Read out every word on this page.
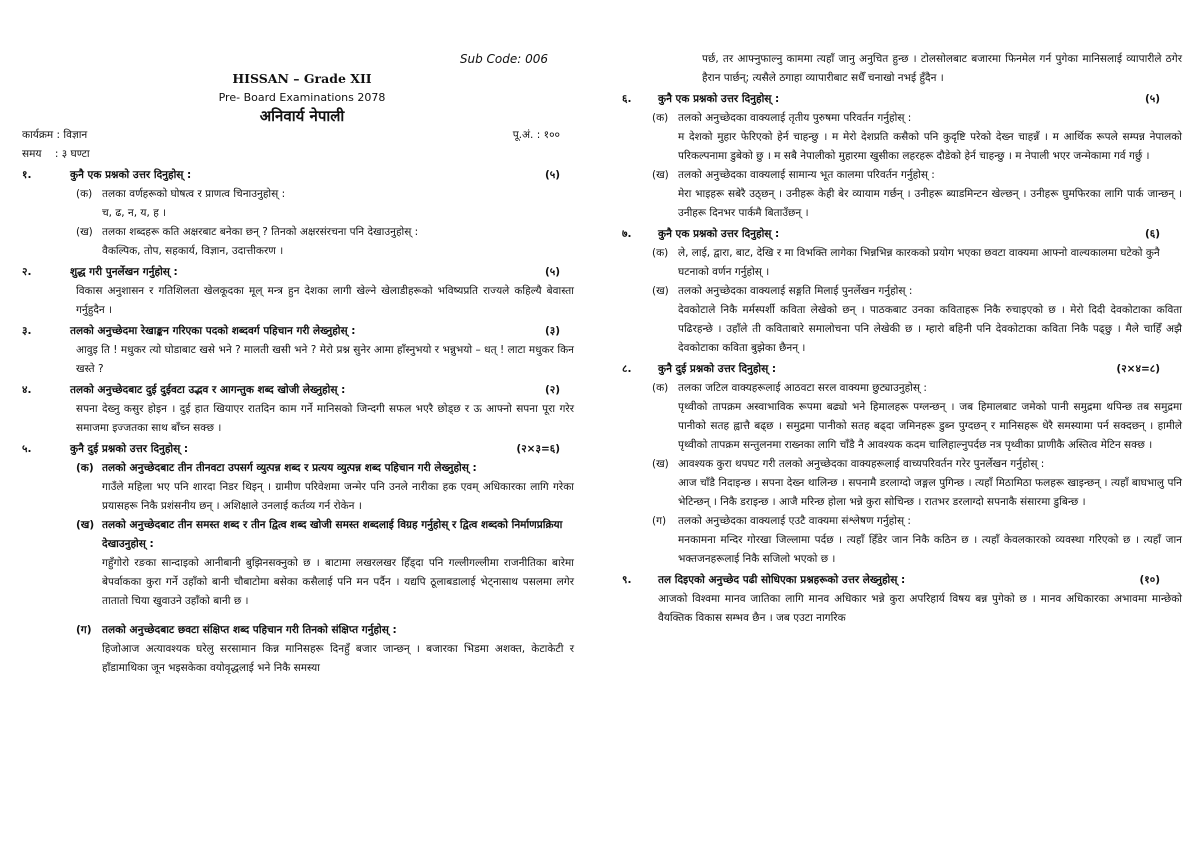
Sub Code: 006
HISSAN – Grade XII
Pre- Board Examinations 2078
अनिवार्य नेपाली
कार्यक्रम : विज्ञान	पू.अं. : १००
समय    : ३ घण्टा
१.	कुनै एक प्रश्नको उत्तर दिनुहोस् :	(५)
(क) तलका वर्णहरूको घोषत्व र प्राणत्व चिनाउनुहोस् :
च, ढ, न, य, ह ।
(ख) तलका शब्दहरू कति अक्षरबाट बनेका छन् ? तिनको अक्षरसंरचना पनि देखाउनुहोस् :
वैकल्पिक, तोप, सहकार्य, विज्ञान, उदात्तीकरण ।
२.	शुद्ध गरी पुनर्लेखन गर्नुहोस् :	(५)
विकास अनुशासन र गतिशिलता खेलकूदका मूल् मन्त्र हुन देशका लागी खेल्ने खेलाडीहरूको भविष्यप्रति राज्यले कहिल्यै बेवास्ता गर्नुहुदैन ।
३.	तलको अनुच्छेदमा रेखाङ्कन गरिएका पदको शब्दवर्ग पहिचान गरी लेख्नुहोस् :	(३)
आवुइ ति ! मधुकर त्यो घोडाबाट खसे भने ? मालती खसी भने ? मेरो प्रश्न सुनेर आमा हाँस्नुभयो र भन्नुभयो – धत् ! लाटा मधुकर किन खस्ते ?
४.	तलको अनुच्छेदबाट दुई दुईवटा उद्भव र आगन्तुक शब्द खोजी लेख्नुहोस् :	(२)
सपना देख्नु कसुर होइन । दुई हात खियाएर रातदिन काम गर्ने मानिसको जिन्दगी सफल भएरै छोड्छ र ऊ आफ्नो सपना पूरा गरेर समाजमा इज्जतका साथ बाँच्न सक्छ ।
५.	कुनै दुई प्रश्नको उत्तर दिनुहोस् :	(२×३=६)
(क) तलको अनुच्छेदबाट तीन तीनवटा उपसर्ग व्युत्पन्न शब्द र प्रत्यय व्युत्पन्न शब्द पहिचान गरी लेख्नुहोस् :
गाउँले महिला भए पनि शारदा निडर थिइन् । ग्रामीण परिवेशमा जन्मेर पनि उनले नारीका हक एवम् अधिकारका लागि गरेका प्रयासहरू निकै प्रशंसनीय छन् । अशिक्षाले उनलाई कर्तव्य गर्न रोकेन ।
(ख) तलको अनुच्छेदबाट तीन समस्त शब्द र तीन द्वित्व शब्द खोजी समस्त शब्दलाई विग्रह गर्नुहोस् र द्वित्व शब्दको निर्माणप्रक्रिया देखाउनुहोस् :
गहुँगोरो रङका सान्दाइको आनीबानी बुझिनसक्नुको छ । बाटामा लखरलखर हिँड्दा पनि गल्लीगल्लीमा राजनीतिका बारेमा बेपर्वाकका कुरा गर्ने उहाँको बानी चौबाटोमा बसेका कसैलाई पनि मन पर्दैन । यद्यपि ठूलाबडालाई भेट्नासाथ पसलमा लगेर तातातो चिया खुवाउने उहाँको बानी छ ।
(ग) तलको अनुच्छेदबाट छवटा संक्षिप्त शब्द पहिचान गरी तिनको संक्षिप्त गर्नुहोस् :
हिजोआज अत्यावश्यक घरेलु सरसामान किन्न मानिसहरू दिनहुँ बजार जान्छन् । बजारका भिडमा अशक्त, केटाकेटी र हाँडामाथिका जून भइसकेका वयोवृद्धलाई भने निकै समस्या
पर्छ, तर आफ्नुफाल्नु काममा त्यहाँ जानु अनुचित हुन्छ । टोलसोलबाट बजारमा फिनमेल गर्न पुगेका मानिसलाई व्यापारीले ठगेर हैरान पार्छन्; त्यसैले ठगाहा व्यापारीबाट सधैँ चनाखो नभई हुँदैन ।
६.	कुनै एक प्रश्नको उत्तर दिनुहोस् :	(५)
(क) तलको अनुच्छेदका वाक्यलाई तृतीय पुरुषमा परिवर्तन गर्नुहोस् :
म देशको मुहार फेरिएको हेर्न चाहन्छु । म मेरो देशप्रति कसैको पनि कुदृष्टि परेको देख्न चाहन्नँ । म आर्थिक रूपले सम्पन्न नेपालको परिकल्पनामा डुबेको छु । म सबै नेपालीको मुहारमा खुसीका लहरहरू दौडेको हेर्न चाहन्छु । म नेपाली भएर जन्मेकामा गर्व गर्छु ।
(ख) तलको अनुच्छेदका वाक्यलाई सामान्य भूत कालमा परिवर्तन गर्नुहोस् :
मेरा भाइहरू सबेरै उठ्छन् । उनीहरू केही बेर व्यायाम गर्छन् । उनीहरू ब्याडमिन्टन खेल्छन् । उनीहरू घुमफिरका लागि पार्क जान्छन् । उनीहरू दिनभर पार्कमै बिताउँछन् ।
७.	कुनै एक प्रश्नको उत्तर दिनुहोस् :	(६)
(क) ले, लाई, द्वारा, बाट, देखि र मा विभक्ति लागेका भिन्नभिन्न कारकको प्रयोग भएका छवटा वाक्यमा आफ्नो वाल्यकालमा घटेको कुनै घटनाको वर्णन गर्नुहोस् ।
(ख) तलको अनुच्छेदका वाक्यलाई सङ्गति मिलाई पुनर्लेखन गर्नुहोस् :
देवकोटाले निकै मर्मस्पर्शी कविता लेखेको छन् । पाठकबाट उनका कविताहरू निकै रुचाइएको छ । मेरो दिदी देवकोटाका कविता पढिरहन्छे । उहाँले ती कविताबारे समालोचना पनि लेखेकी छ । म्हारो बहिनी पनि देवकोटाका कविता निकै पढ्छु । मैले चाहिँ अझै देवकोटाका कविता बुझेका छैनन् ।
८.	कुनै दुई प्रश्नको उत्तर दिनुहोस् :	(२×४=८)
(क) तलका जटिल वाक्यहरूलाई आठवटा सरल वाक्यमा छुट्याउनुहोस् :
पृथ्वीको तापक्रम अस्वाभाविक रूपमा बढ्यो भने हिमालहरू पग्लन्छन् । जब हिमालबाट जमेको पानी समुद्रमा थपिन्छ तब समुद्रमा पानीको सतह ह्वात्तै बढ्छ । समुद्रमा पानीको सतह बढ्दा जमिनहरू डुब्न पुग्दछन् र मानिसहरू धेरै समस्यामा पर्न सक्दछन् । हामीले पृथ्वीको तापक्रम सन्तुलनमा राख्नका लागि चाँडै नै आवश्यक कदम चालिहाल्नुपर्दछ नत्र पृथ्वीका प्राणीकै अस्तित्व मेटिन सक्छ ।
(ख) आवश्यक कुरा थपघट गरी तलको अनुच्छेदका वाक्यहरूलाई वाच्यपरिवर्तन गरेर पुनर्लेखन गर्नुहोस् :
आज चाँडै निदाइन्छ । सपना देख्न थालिन्छ । सपनामै डरलाग्दो जङ्गल पुगिन्छ । त्यहाँ मिठामिठा फलहरू खाइन्छन् । त्यहाँ बाघभालु पनि भेटिन्छन् । निकै डराइन्छ । आजै मरिन्छ होला भन्ने कुरा सोचिन्छ । रातभर डरलाग्दो सपनाकै संसारमा डुबिन्छ ।
(ग)	तलको अनुच्छेदका वाक्यलाई एउटै वाक्यमा संश्लेषण गर्नुहोस् :
मनकामना मन्दिर गोरखा जिल्लामा पर्दछ । त्यहाँ हिँडेर जान निकै कठिन छ । त्यहाँ केवलकारको व्यवस्था गरिएको छ । त्यहाँ जान भक्तजनहरूलाई निकै सजिलो भएको छ ।
९.	तल दिइएको अनुच्छेद पढी सोधिएका प्रश्नहरूको उत्तर लेख्नुहोस् :	(१०)
आजको विश्वमा मानव जातिका लागि मानव अधिकार भन्ने कुरा अपरिहार्य विषय बन्न पुगेको छ । मानव अधिकारका अभावमा मान्छेको वैयक्तिक विकास सम्भव छैन । जब एउटा नागरिक
